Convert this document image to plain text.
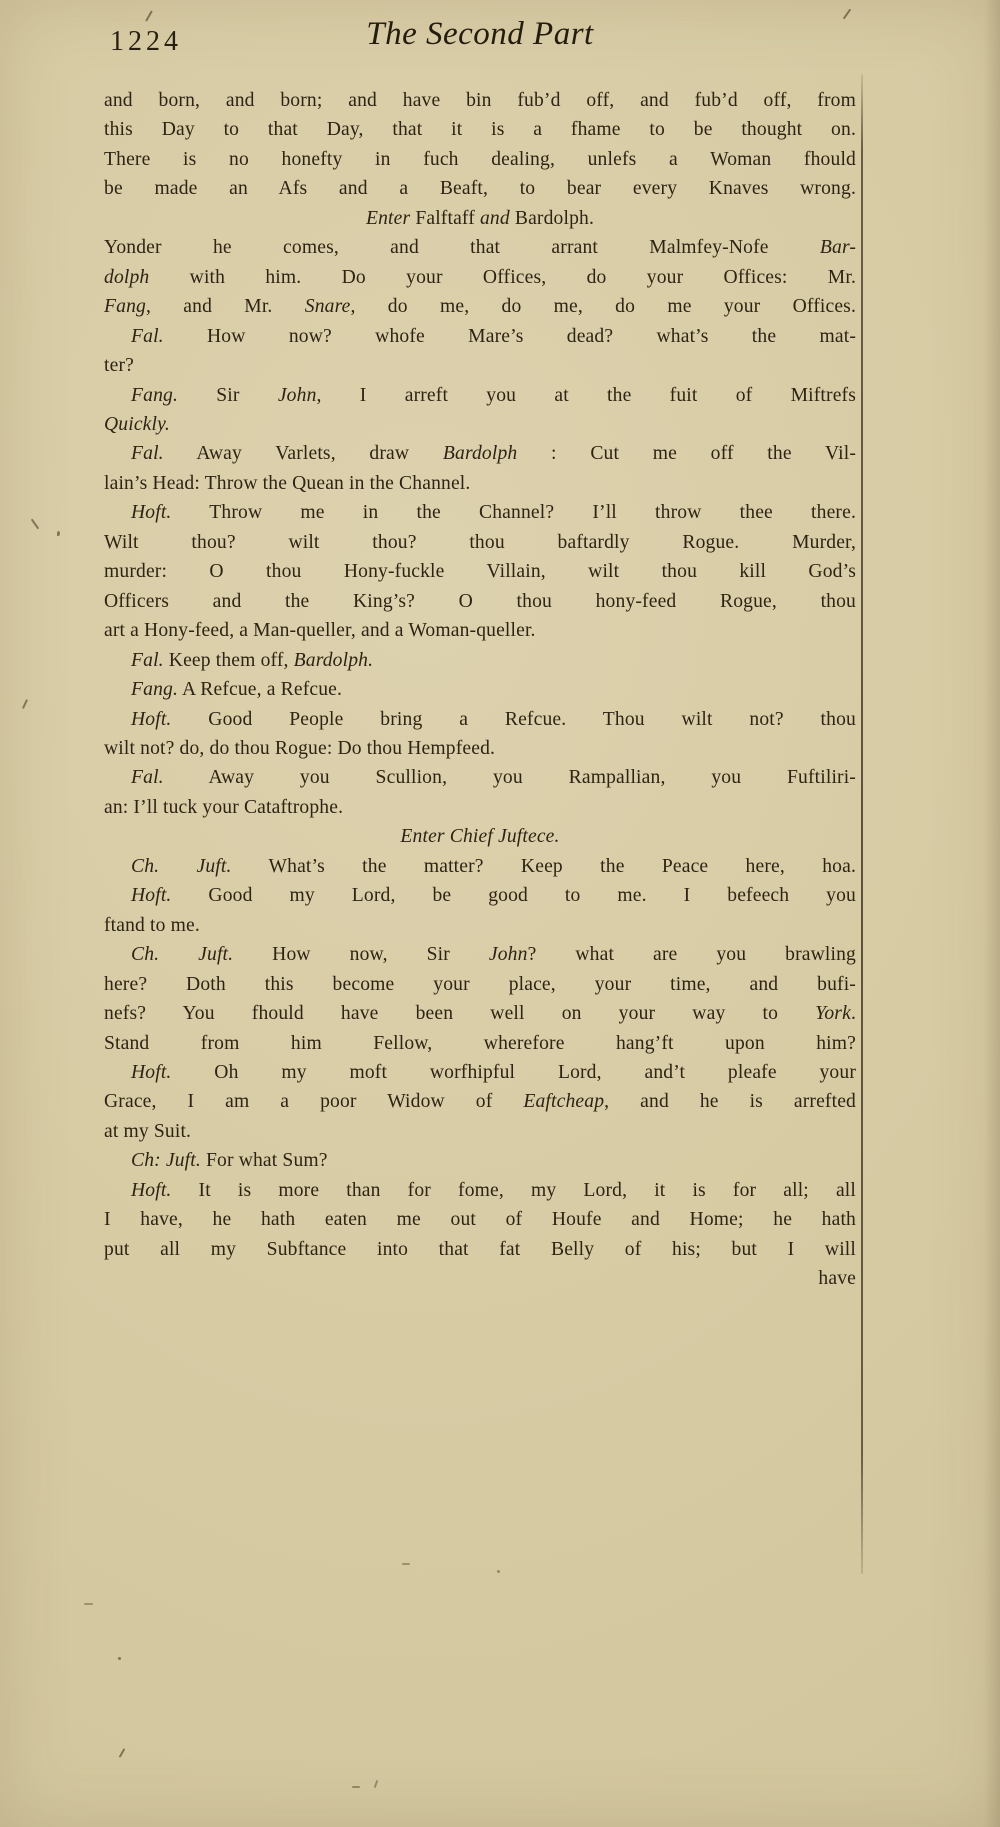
1224	The Second Part
and born, and born; and have bin fub’d off, and fub’d off, from
this Day to that Day, that it is a fhame to be thought on.
There is no honefty in fuch dealing, unlefs a Woman fhould
be made an Afs and a Beaft, to bear every Knaves wrong.
Enter Falftaff and Bardolph.
Yonder he comes, and that arrant Malmfey-Nofe Bar-
dolph with him. Do your Offices, do your Offices: Mr.
Fang, and Mr. Snare, do me, do me, do me your Offices.
Fal. How now? whofe Mare’s dead? what’s the mat-
ter?
Fang. Sir John, I arreft you at the fuit of Miftrefs
Quickly.
Fal. Away Varlets, draw Bardolph : Cut me off the Vil-
lain’s Head: Throw the Quean in the Channel.
Hoft. Throw me in the Channel? I’ll throw thee there.
Wilt thou? wilt thou? thou baftardly Rogue. Murder,
murder: O thou Hony-fuckle Villain, wilt thou kill God’s
Officers and the King’s? O thou hony-feed Rogue, thou
art a Hony-feed, a Man-queller, and a Woman-queller.
Fal. Keep them off, Bardolph.
Fang. A Refcue, a Refcue.
Hoft. Good People bring a Refcue. Thou wilt not? thou
wilt not? do, do thou Rogue: Do thou Hempfeed.
Fal. Away you Scullion, you Rampallian, you Fuftiliri-
an: I’ll tuck your Cataftrophe.
Enter Chief Juftece.
Ch. Juft. What’s the matter? Keep the Peace here, hoa.
Hoft. Good my Lord, be good to me. I befeech you
ftand to me.
Ch. Juft. How now, Sir John? what are you brawling
here? Doth this become your place, your time, and bufi-
nefs? You fhould have been well on your way to York.
Stand from him Fellow, wherefore hang’ft upon him?
Hoft. Oh my moft worfhipful Lord, and’t pleafe your
Grace, I am a poor Widow of Eaftcheap, and he is arrefted
at my Suit.
Ch: Juft. For what Sum?
Hoft. It is more than for fome, my Lord, it is for all; all
I have, he hath eaten me out of Houfe and Home; he hath
put all my Subftance into that fat Belly of his; but I will
have
